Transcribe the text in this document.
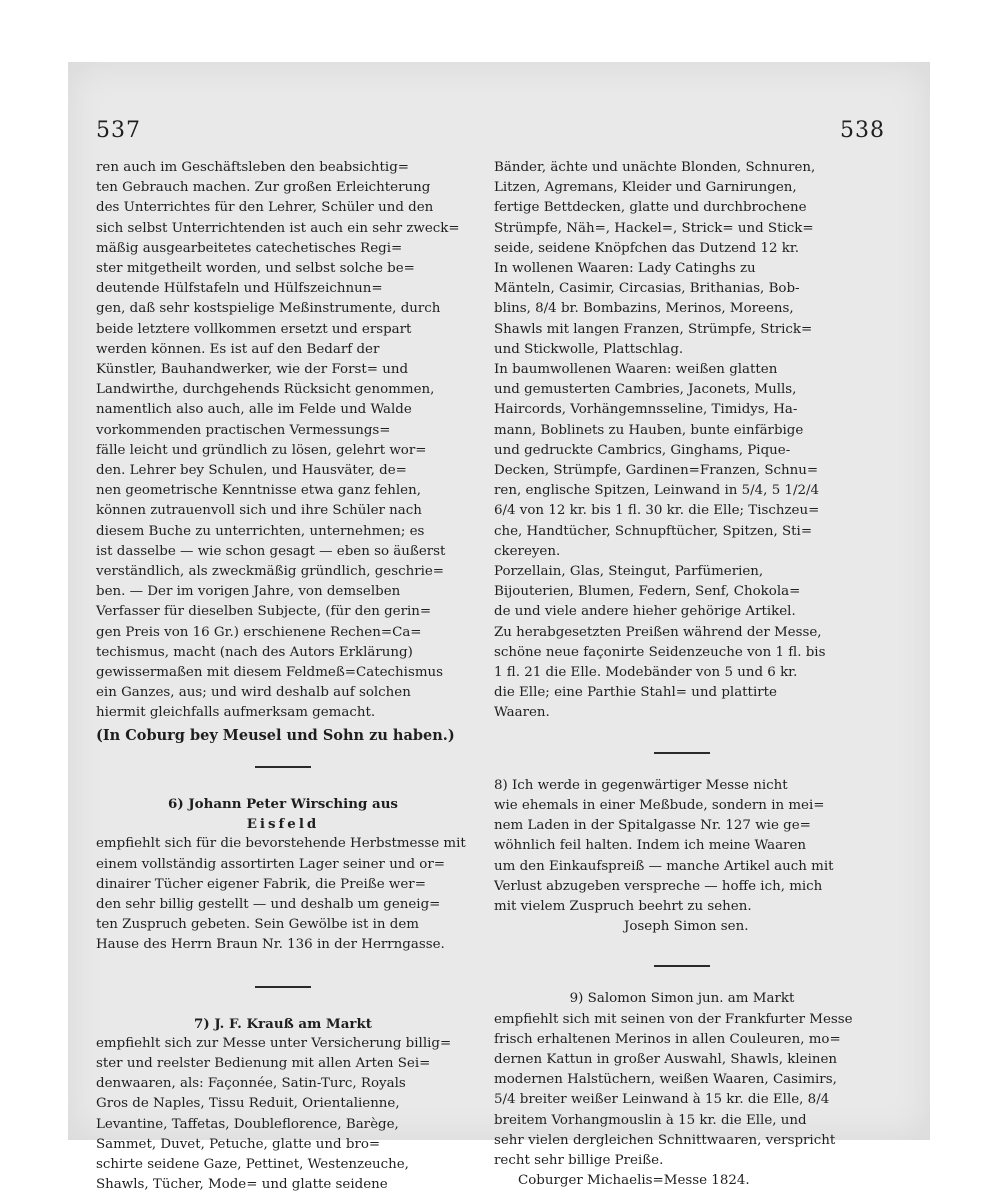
537	538
ren auch im Geschäftsleben den beabsichtig=
ten Gebrauch machen. Zur großen Erleichterung
des Unterrichtes für den Lehrer, Schüler und den
sich selbst Unterrichtenden ist auch ein sehr zweck=
mäßig ausgearbeitetes catechetisches Regi=
ster mitgetheilt worden, und selbst solche be=
deutende Hülfstafeln und Hülfszeichnun=
gen, daß sehr kostspielige Meßinstrumente, durch
beide letztere vollkommen ersetzt und erspart
werden können. Es ist auf den Bedarf der
Künstler, Bauhandwerker, wie der Forst= und
Landwirthe, durchgehends Rücksicht genommen,
namentlich also auch, alle im Felde und Walde
vorkommenden practischen Vermessungs=
fälle leicht und gründlich zu lösen, gelehrt wor=
den. Lehrer bey Schulen, und Hausväter, de=
nen geometrische Kenntnisse etwa ganz fehlen,
können zutrauenvoll sich und ihre Schüler nach
diesem Buche zu unterrichten, unternehmen; es
ist dasselbe — wie schon gesagt — eben so äußerst
verständlich, als zweckmäßig gründlich, geschrie=
ben. — Der im vorigen Jahre, von demselben
Verfasser für dieselben Subjecte, (für den gerin=
gen Preis von 16 Gr.) erschienene Rechen=Ca=
techismus, macht (nach des Autors Erklärung)
gewissermaßen mit diesem Feldmeß=Catechismus
ein Ganzes, aus; und wird deshalb auf solchen
hiermit gleichfalls aufmerksam gemacht.
(In Coburg bey Meusel und Sohn zu haben.)
6) Johann Peter Wirsching aus
Eisfeld
empfiehlt sich für die bevorstehende Herbstmesse mit
einem vollständig assortirten Lager seiner und or=
dinairer Tücher eigener Fabrik, die Preiße wer=
den sehr billig gestellt — und deshalb um geneig=
ten Zuspruch gebeten. Sein Gewölbe ist in dem
Hause des Herrn Braun Nr. 136 in der Herrngasse.
7) J. F. Krauß am Markt
empfiehlt sich zur Messe unter Versicherung billig=
ster und reelster Bedienung mit allen Arten Sei=
denwaaren, als: Façonnée, Satin-Turc, Royals
Gros de Naples, Tissu Reduit, Orientalienne,
Levantine, Taffetas, Doubleflorence, Barège,
Sammet, Duvet, Petuche, glatte und bro=
schirte seidene Gaze, Pettinet, Westenzeuche,
Shawls, Tücher, Mode= und glatte seidene
Bänder, ächte und unächte Blonden, Schnuren,
Litzen, Agremans, Kleider und Garnirungen,
fertige Bettdecken, glatte und durchbrochene
Strümpfe, Näh=, Hackel=, Strick= und Stick=
seide, seidene Knöpfchen das Dutzend 12 kr.
In wollenen Waaren: Lady Catinghs zu
Mänteln, Casimir, Circasias, Brithanias, Bob-
blins, 8/4 br. Bombazins, Merinos, Moreens,
Shawls mit langen Franzen, Strümpfe, Strick=
und Stickwolle, Plattschlag.
In baumwollenen Waaren: weißen glatten
und gemusterten Cambries, Jaconets, Mulls,
Haircords, Vorhängemnsseline, Timidys, Ha-
mann, Boblinets zu Hauben, bunte einfärbige
und gedruckte Cambrics, Ginghams, Pique-
Decken, Strümpfe, Gardinen=Franzen, Schnu=
ren, englische Spitzen, Leinwand in 5/4, 5 1/2/4
6/4 von 12 kr. bis 1 fl. 30 kr. die Elle; Tischzeu=
che, Handtücher, Schnupftücher, Spitzen, Sti=
ckereyen.
Porzellain, Glas, Steingut, Parfümerien,
Bijouterien, Blumen, Federn, Senf, Chokola=
de und viele andere hieher gehörige Artikel.
Zu herabgesetzten Preißen während der Messe,
schöne neue façonirte Seidenzeuche von 1 fl. bis
1 fl. 21 die Elle. Modebänder von 5 und 6 kr.
die Elle; eine Parthie Stahl= und plattirte
Waaren.
8) Ich werde in gegenwärtiger Messe nicht
wie ehemals in einer Meßbude, sondern in mei=
nem Laden in der Spitalgasse Nr. 127 wie ge=
wöhnlich feil halten. Indem ich meine Waaren
um den Einkaufspreiß — manche Artikel auch mit
Verlust abzugeben verspreche — hoffe ich, mich
mit vielem Zuspruch beehrt zu sehen.
Joseph Simon sen.
9) Salomon Simon jun. am Markt
empfiehlt sich mit seinen von der Frankfurter Messe
frisch erhaltenen Merinos in allen Couleuren, mo=
dernen Kattun in großer Auswahl, Shawls, kleinen
modernen Halstüchern, weißen Waaren, Casimirs,
5/4 breiter weißer Leinwand à 15 kr. die Elle, 8/4
breitem Vorhangmouslin à 15 kr. die Elle, und
sehr vielen dergleichen Schnittwaaren, verspricht
recht sehr billige Preiße.
Coburger Michaelis=Messe 1824.
